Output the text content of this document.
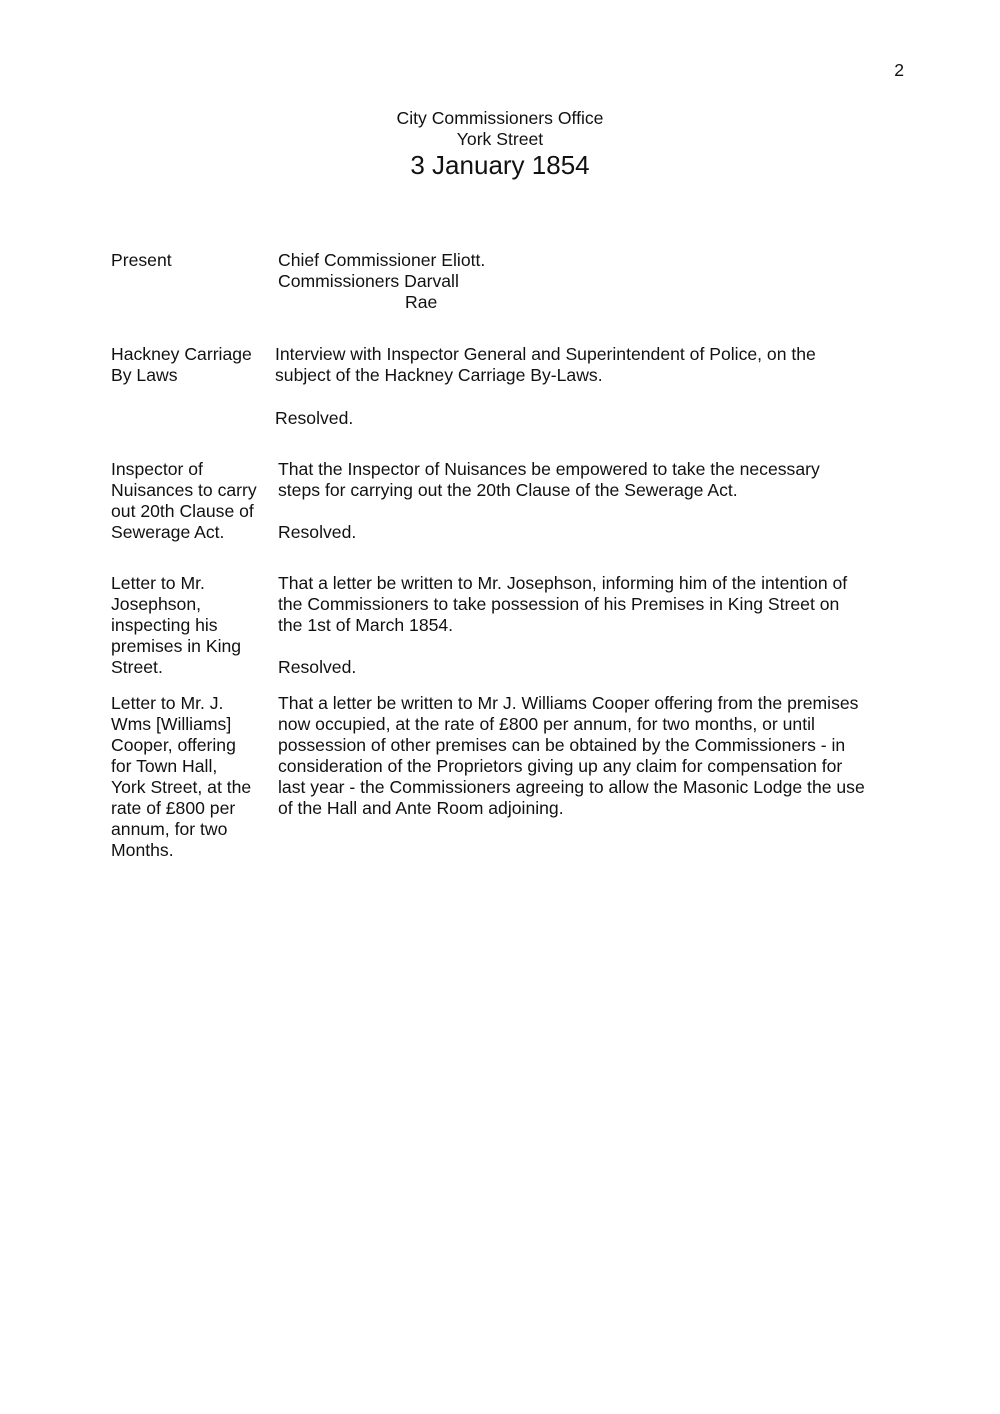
2
City Commissioners Office
York Street
3 January 1854
Present	Chief Commissioner Eliott.
Commissioners Darvall
Rae
Hackney Carriage
By Laws
Interview with Inspector General and Superintendent of Police, on the
subject of the Hackney Carriage By-Laws.
Resolved.
Inspector of
Nuisances to carry
out 20th Clause of
Sewerage Act.
That the Inspector of Nuisances be empowered to take the necessary
steps for carrying out the 20th Clause of the Sewerage Act.
Resolved.
Letter to Mr.
Josephson,
inspecting his
premises in King
Street.
That a letter be written to Mr. Josephson, informing him of the intention of
the Commissioners to take possession of his Premises in King Street on
the 1st of March 1854.
Resolved.
Letter to Mr. J.
Wms [Williams]
Cooper, offering
for Town Hall,
York Street, at the
rate of £800 per
annum, for two
Months.
That a letter be written to Mr J. Williams Cooper offering from the premises
now occupied, at the rate of £800 per annum, for two months, or until
possession of other premises can be obtained by the Commissioners - in
consideration of the Proprietors giving up any claim for compensation for
last year - the Commissioners agreeing to allow the Masonic Lodge the use
of the Hall and Ante Room adjoining.
